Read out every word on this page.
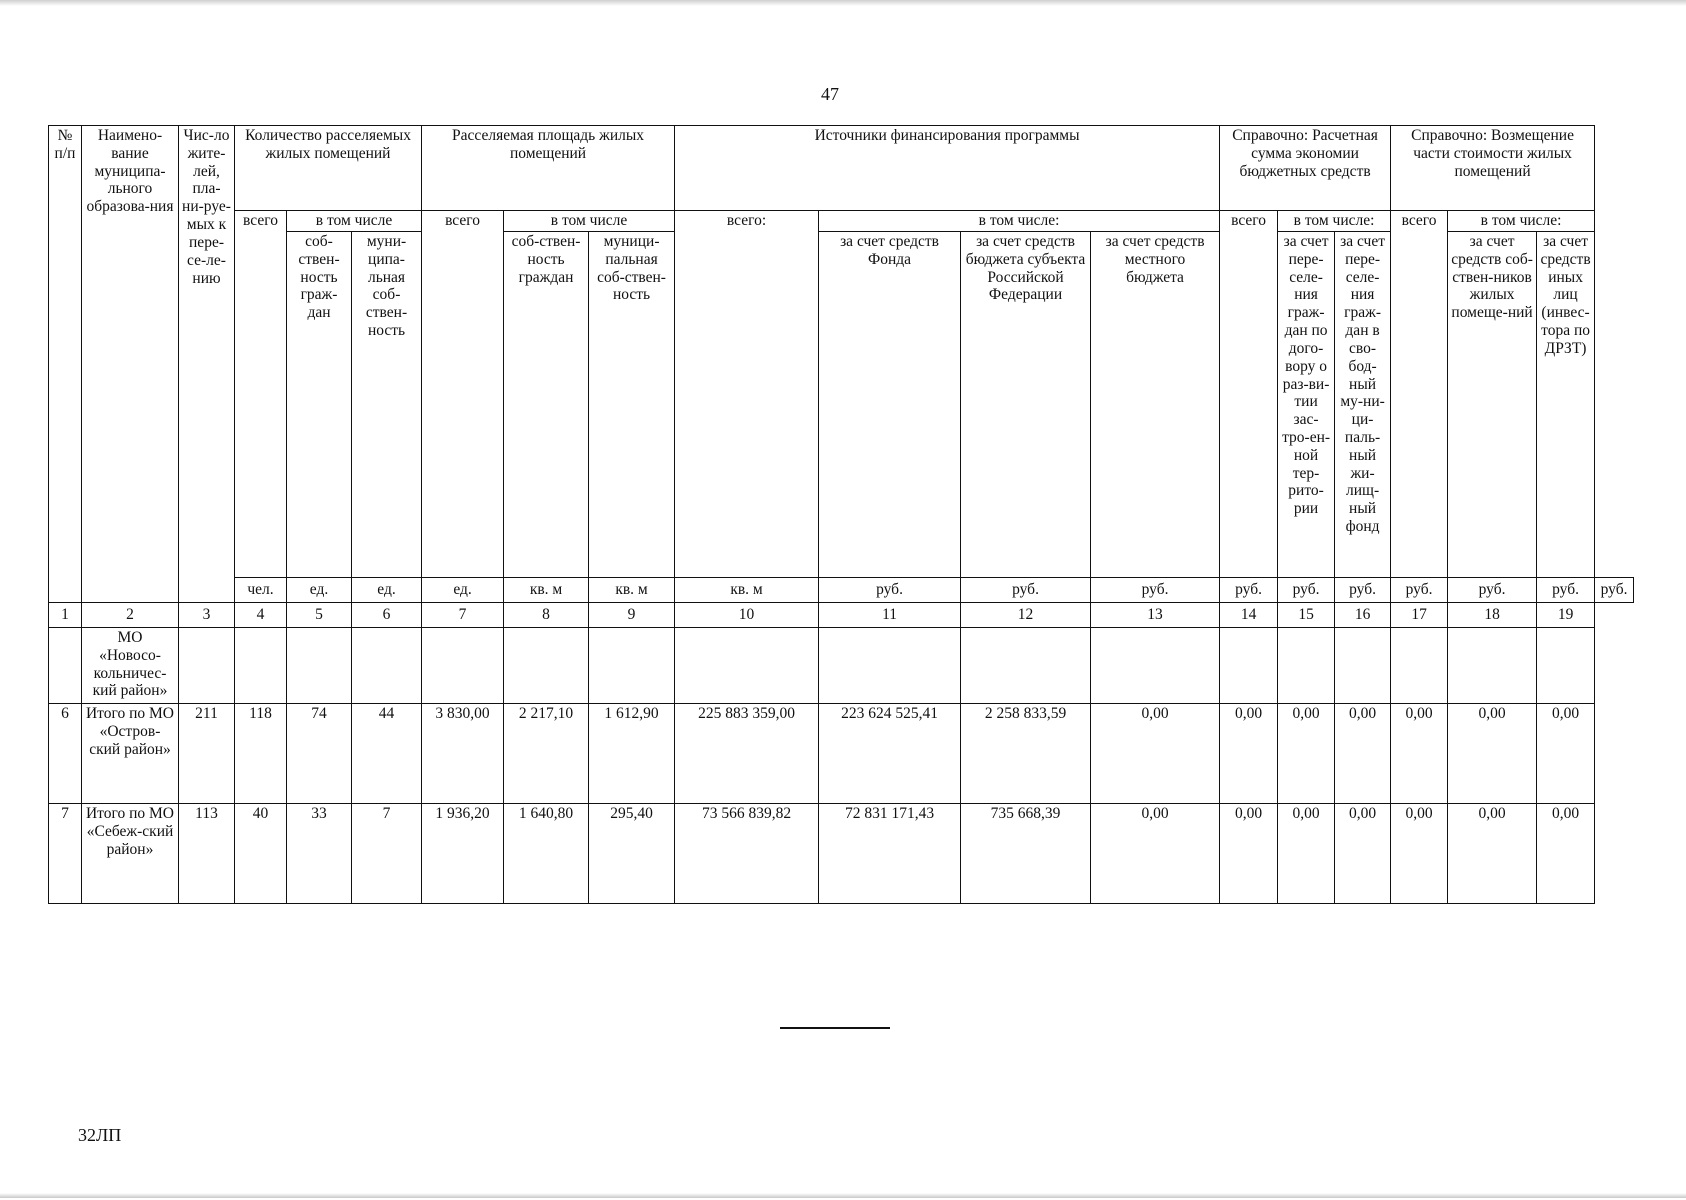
47
№ п/п	Наимено-вание муниципа-льного образова-ния	Чис-ло жите-лей, пла-ни-руе-мых к пере-се-ле-нию	Количество расселяемых жилых помещений			Расселяемая площадь жилых помещений			Источники финансирования программы				Справочно: Расчетная сумма экономии бюджетных средств			Справочно: Возмещение части стоимости жилых помещений			
			всего	в том числе		всего	в том числе		всего:	в том числе:			всего	в том числе:		всего	в том числе:		
				соб-ствен-ность граж-дан	муни-ципа-льная соб-ствен-ность		соб-ствен-ность граждан	муници-пальная соб-ствен-ность		за счет средств Фонда	за счет средств бюджета субъекта Российской Федерации	за счет средств местного бюджета		за счет пере-селе-ния граж-дан по дого-вору о раз-ви-тии зас-тро-ен-ной тер-рито-рии	за счет пере-селе-ния граж-дан в сво-бод-ный му-ни-ци-паль-ный жи-лищ-ный фонд		за счет средств соб-ствен-ников жилых помеще-ний	за счет средств иных лиц (инвес-тора по ДРЗТ)	
			чел.	ед.	ед.	ед.	кв. м	кв. м	кв. м	руб.	руб.	руб.	руб.	руб.	руб.	руб.	руб.	руб.	руб.
1	2	3	4	5	6	7	8	9	10	11	12	13	14	15	16	17	18	19	
	МО «Новосо-кольничес-кий район»																		
6	Итого по МО «Остров-ский район»	211	118	74	44	3 830,00	2 217,10	1 612,90	225 883 359,00	223 624 525,41	2 258 833,59	0,00	0,00	0,00	0,00	0,00	0,00	0,00	
7	Итого по МО «Себеж-ский район»	113	40	33	7	1 936,20	1 640,80	295,40	73 566 839,82	72 831 171,43	735 668,39	0,00	0,00	0,00	0,00	0,00	0,00	0,00	
32ЛП
